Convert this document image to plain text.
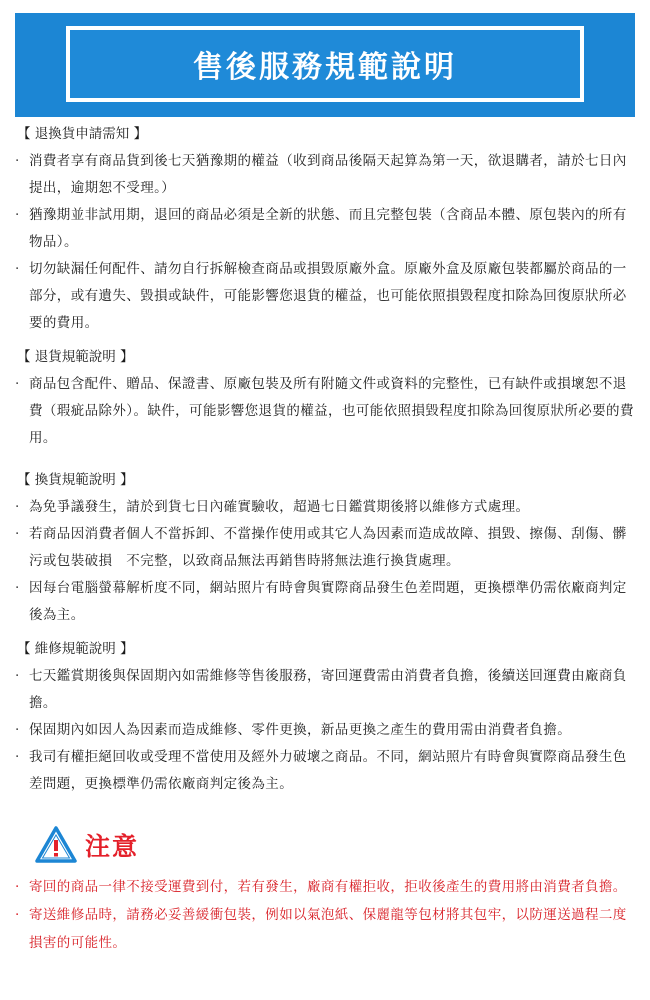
售後服務規範說明
【 退換貨申請需知 】
· 消費者享有商品貨到後七天猶豫期的權益（收到商品後隔天起算為第一天，欲退購者，請於七日內提出，逾期恕不受理。）
· 猶豫期並非試用期，退回的商品必須是全新的狀態、而且完整包裝（含商品本體、原包裝內的所有物品）。
· 切勿缺漏任何配件、請勿自行拆解檢查商品或損毀原廠外盒。原廠外盒及原廠包裝都屬於商品的一部分，或有遺失、毀損或缺件，可能影響您退貨的權益，也可能依照損毀程度扣除為回復原狀所必要的費用。
【 退貨規範說明 】
· 商品包含配件、贈品、保證書、原廠包裝及所有附隨文件或資料的完整性，已有缺件或損壞恕不退費（瑕疵品除外）。缺件，可能影響您退貨的權益，也可能依照損毀程度扣除為回復原狀所必要的費用。
【 換貨規範說明 】
· 為免爭議發生，請於到貨七日內確實驗收，超過七日鑑賞期後將以維修方式處理。
· 若商品因消費者個人不當拆卸、不當操作使用或其它人為因素而造成故障、損毀、擦傷、刮傷、髒污或包裝破損　不完整，以致商品無法再銷售時將無法進行換貨處理。
· 因每台電腦螢幕解析度不同，網站照片有時會與實際商品發生色差問題，更換標準仍需依廠商判定後為主。
【 維修規範說明 】
· 七天鑑賞期後與保固期內如需維修等售後服務，寄回運費需由消費者負擔，後續送回運費由廠商負擔。
· 保固期內如因人為因素而造成維修、零件更換，新品更換之產生的費用需由消費者負擔。
· 我司有權拒絕回收或受理不當使用及經外力破壞之商品。不同，網站照片有時會與實際商品發生色差問題，更換標準仍需依廠商判定後為主。
注意
· 寄回的商品一律不接受運費到付，若有發生，廠商有權拒收，拒收後產生的費用將由消費者負擔。
· 寄送維修品時，請務必妥善緩衝包裝，例如以氣泡紙、保麗龍等包材將其包牢，以防運送過程二度損害的可能性。
